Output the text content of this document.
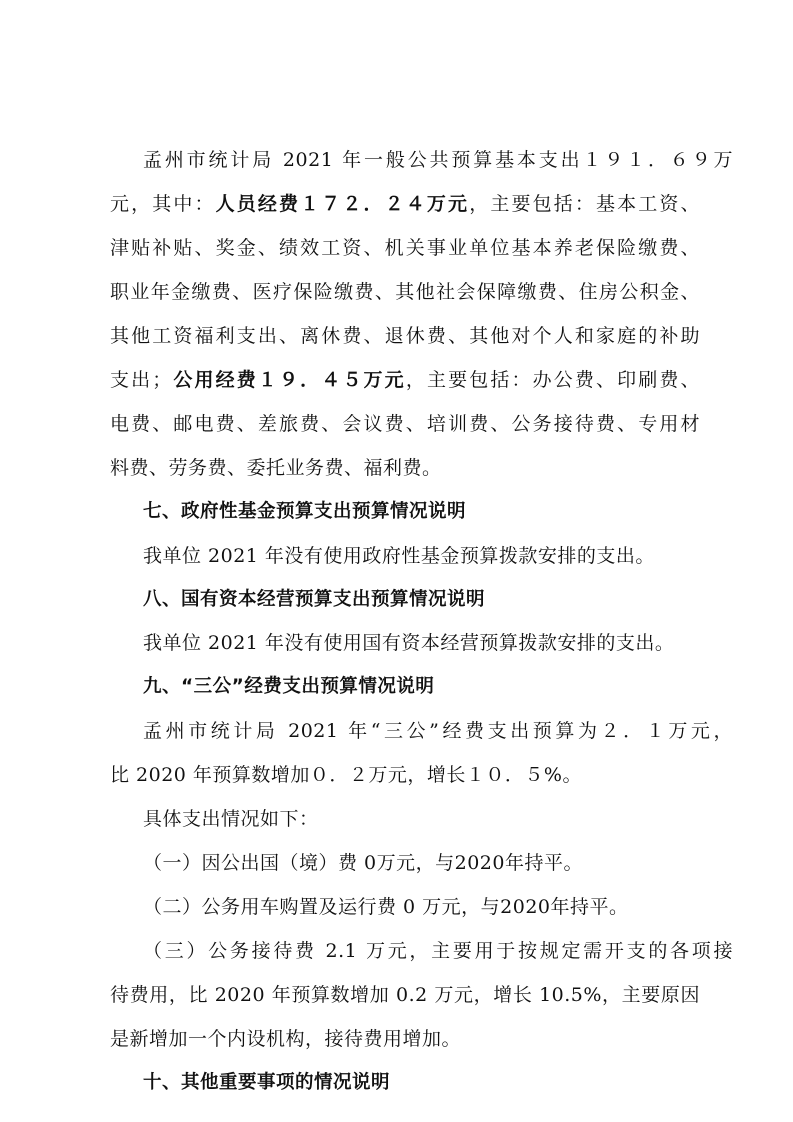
孟州市统计局 2021 年一般公共预算基本支出１９１．６９万
元，其中：人员经费１７２．２４万元，主要包括：基本工资、
津贴补贴、奖金、绩效工资、机关事业单位基本养老保险缴费、
职业年金缴费、医疗保险缴费、其他社会保障缴费、住房公积金、
其他工资福利支出、离休费、退休费、其他对个人和家庭的补助
支出；公用经费１９．４５万元，主要包括：办公费、印刷费、
电费、邮电费、差旅费、会议费、培训费、公务接待费、专用材
料费、劳务费、委托业务费、福利费。
七、政府性基金预算支出预算情况说明
我单位 2021 年没有使用政府性基金预算拨款安排的支出。
八、国有资本经营预算支出预算情况说明
我单位 2021 年没有使用国有资本经营预算拨款安排的支出。
九、“三公”经费支出预算情况说明
孟州市统计局 2021 年“三公”经费支出预算为２．１万元，
比 2020 年预算数增加０．２万元，增长１０．５%。
具体支出情况如下：
（一）因公出国（境）费 0万元，与2020年持平。
（二）公务用车购置及运行费 0 万元，与2020年持平。
（三）公务接待费 2.1 万元，主要用于按规定需开支的各项接
待费用，比 2020 年预算数增加 0.2 万元，增长 10.5%，主要原因
是新增加一个内设机构，接待费用增加。
十、其他重要事项的情况说明
